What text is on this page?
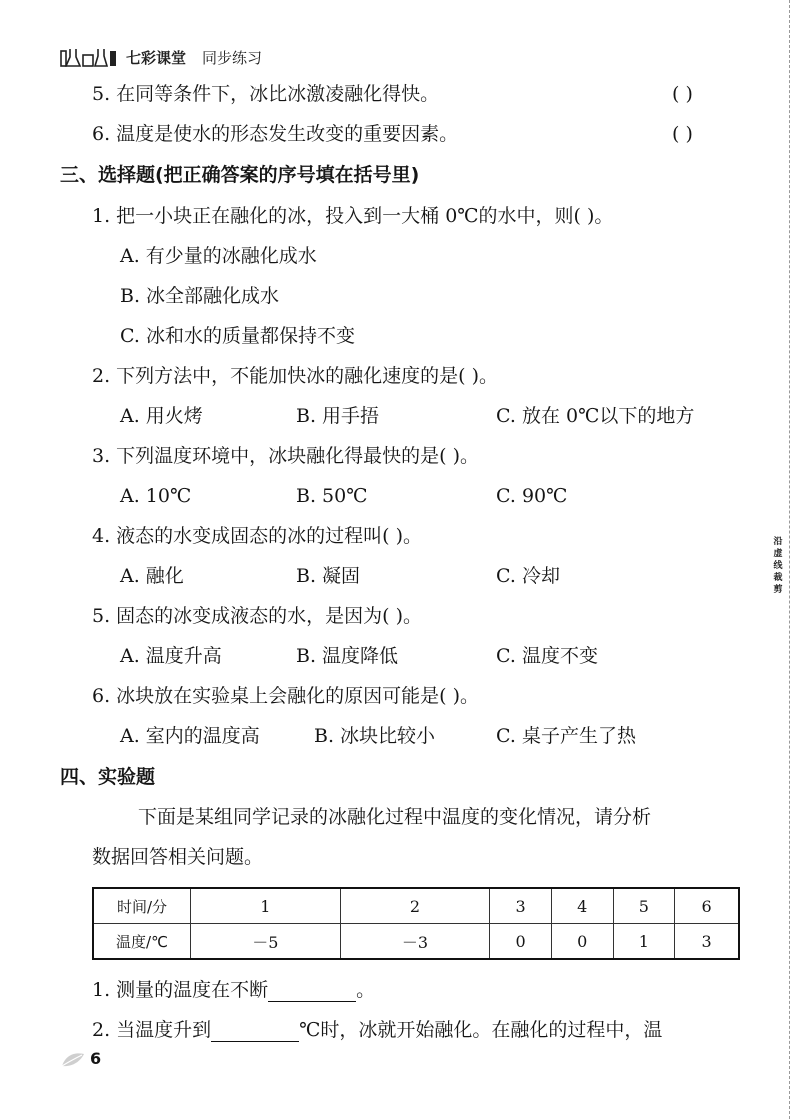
七彩课堂 同步练习
沿虚线裁剪
5. 在同等条件下，冰比冰激凌融化得快。	( )
6. 温度是使水的形态发生改变的重要因素。	( )
三、选择题(把正确答案的序号填在括号里)
1. 把一小块正在融化的冰，投入到一大桶 0℃的水中，则( )。
A. 有少量的冰融化成水
B. 冰全部融化成水
C. 冰和水的质量都保持不变
2. 下列方法中，不能加快冰的融化速度的是( )。
A. 用火烤	B. 用手捂	C. 放在 0℃以下的地方
3. 下列温度环境中，冰块融化得最快的是( )。
A. 10℃	B. 50℃	C. 90℃
4. 液态的水变成固态的冰的过程叫( )。
A. 融化	B. 凝固	C. 冷却
5. 固态的冰变成液态的水，是因为( )。
A. 温度升高	B. 温度降低	C. 温度不变
6. 冰块放在实验桌上会融化的原因可能是( )。
A. 室内的温度高	B. 冰块比较小	C. 桌子产生了热
四、实验题
下面是某组同学记录的冰融化过程中温度的变化情况，请分析
数据回答相关问题。
时间/分	1	2	3	4	5	6
温度/℃	－5	－3	0	0	1	3
1. 测量的温度在不断	。
2. 当温度升到	℃时，冰就开始融化。在融化的过程中，温
6
